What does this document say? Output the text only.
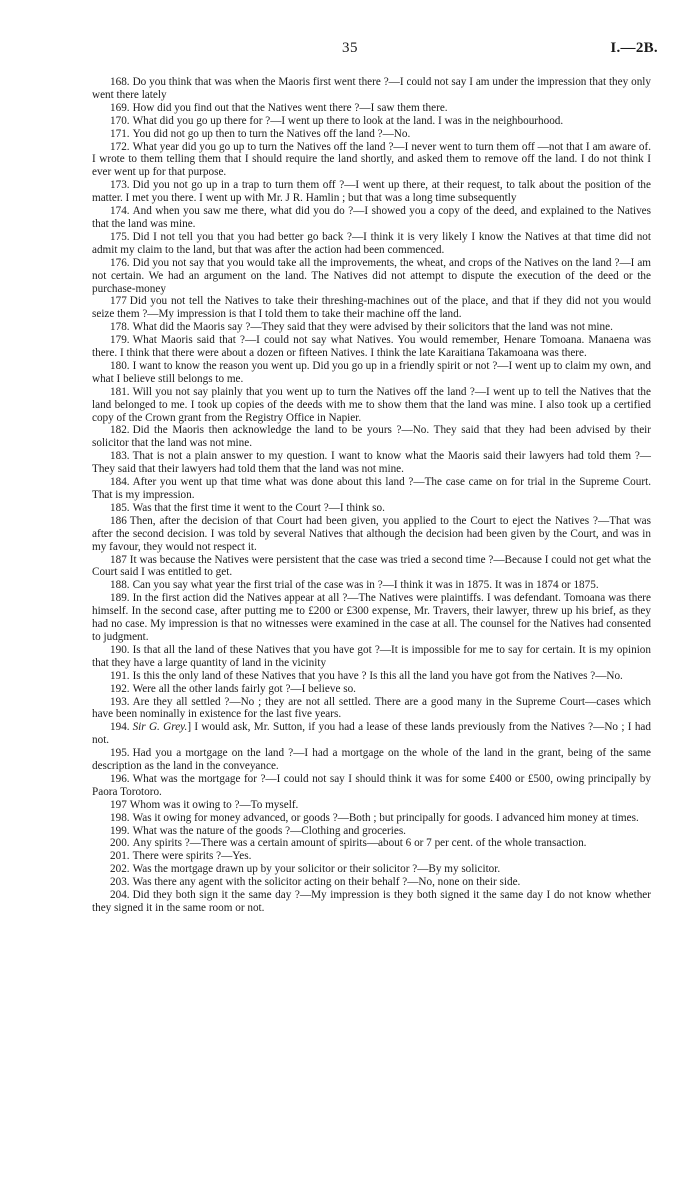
35	I.—2B.

168. Do you think that was when the Maoris first went there ?—I could not say I am under the impression that they only went there lately

169. How did you find out that the Natives went there ?—I saw them there.

170. What did you go up there for ?—I went up there to look at the land. I was in the neighbourhood.

171. You did not go up then to turn the Natives off the land ?—No.

172. What year did you go up to turn the Natives off the land ?—I never went to turn them off —not that I am aware of. I wrote to them telling them that I should require the land shortly, and asked them to remove off the land. I do not think I ever went up for that purpose.

173. Did you not go up in a trap to turn them off ?—I went up there, at their request, to talk about the position of the matter. I met you there. I went up with Mr. J R. Hamlin ; but that was a long time subsequently

174. And when you saw me there, what did you do ?—I showed you a copy of the deed, and explained to the Natives that the land was mine.

175. Did I not tell you that you had better go back ?—I think it is very likely I know the Natives at that time did not admit my claim to the land, but that was after the action had been commenced.

176. Did you not say that you would take all the improvements, the wheat, and crops of the Natives on the land ?—I am not certain. We had an argument on the land. The Natives did not attempt to dispute the execution of the deed or the purchase-money

177 Did you not tell the Natives to take their threshing-machines out of the place, and that if they did not you would seize them ?—My impression is that I told them to take their machine off the land.

178. What did the Maoris say ?—They said that they were advised by their solicitors that the land was not mine.

179. What Maoris said that ?—I could not say what Natives. You would remember, Henare Tomoana. Manaena was there. I think that there were about a dozen or fifteen Natives. I think the late Karaitiana Takamoana was there.

180. I want to know the reason you went up. Did you go up in a friendly spirit or not ?—I went up to claim my own, and what I believe still belongs to me.

181. Will you not say plainly that you went up to turn the Natives off the land ?—I went up to tell the Natives that the land belonged to me. I took up copies of the deeds with me to show them that the land was mine. I also took up a certified copy of the Crown grant from the Registry Office in Napier.

182. Did the Maoris then acknowledge the land to be yours ?—No. They said that they had been advised by their solicitor that the land was not mine.

183. That is not a plain answer to my question. I want to know what the Maoris said their lawyers had told them ?—They said that their lawyers had told them that the land was not mine.

184. After you went up that time what was done about this land ?—The case came on for trial in the Supreme Court. That is my impression.

185. Was that the first time it went to the Court ?—I think so.

186 Then, after the decision of that Court had been given, you applied to the Court to eject the Natives ?—That was after the second decision. I was told by several Natives that although the decision had been given by the Court, and was in my favour, they would not respect it.

187 It was because the Natives were persistent that the case was tried a second time ?—Because I could not get what the Court said I was entitled to get.

188. Can you say what year the first trial of the case was in ?—I think it was in 1875. It was in 1874 or 1875.

189. In the first action did the Natives appear at all ?—The Natives were plaintiffs. I was defendant. Tomoana was there himself. In the second case, after putting me to £200 or £300 expense, Mr. Travers, their lawyer, threw up his brief, as they had no case. My impression is that no witnesses were examined in the case at all. The counsel for the Natives had consented to judgment.

190. Is that all the land of these Natives that you have got ?—It is impossible for me to say for certain. It is my opinion that they have a large quantity of land in the vicinity

191. Is this the only land of these Natives that you have ? Is this all the land you have got from the Natives ?—No.

192. Were all the other lands fairly got ?—I believe so.

193. Are they all settled ?—No ; they are not all settled. There are a good many in the Supreme Court—cases which have been nominally in existence for the last five years.

194. Sir G. Grey.] I would ask, Mr. Sutton, if you had a lease of these lands previously from the Natives ?—No ; I had not.

195. Had you a mortgage on the land ?—I had a mortgage on the whole of the land in the grant, being of the same description as the land in the conveyance.

196. What was the mortgage for ?—I could not say I should think it was for some £400 or £500, owing principally by Paora Torotoro.

197 Whom was it owing to ?—To myself.

198. Was it owing for money advanced, or goods ?—Both ; but principally for goods. I advanced him money at times.

199. What was the nature of the goods ?—Clothing and groceries.

200. Any spirits ?—There was a certain amount of spirits—about 6 or 7 per cent. of the whole transaction.

201. There were spirits ?—Yes.

202. Was the mortgage drawn up by your solicitor or their solicitor ?—By my solicitor.

203. Was there any agent with the solicitor acting on their behalf ?—No, none on their side.

204. Did they both sign it the same day ?—My impression is they both signed it the same day I do not know whether they signed it in the same room or not.
